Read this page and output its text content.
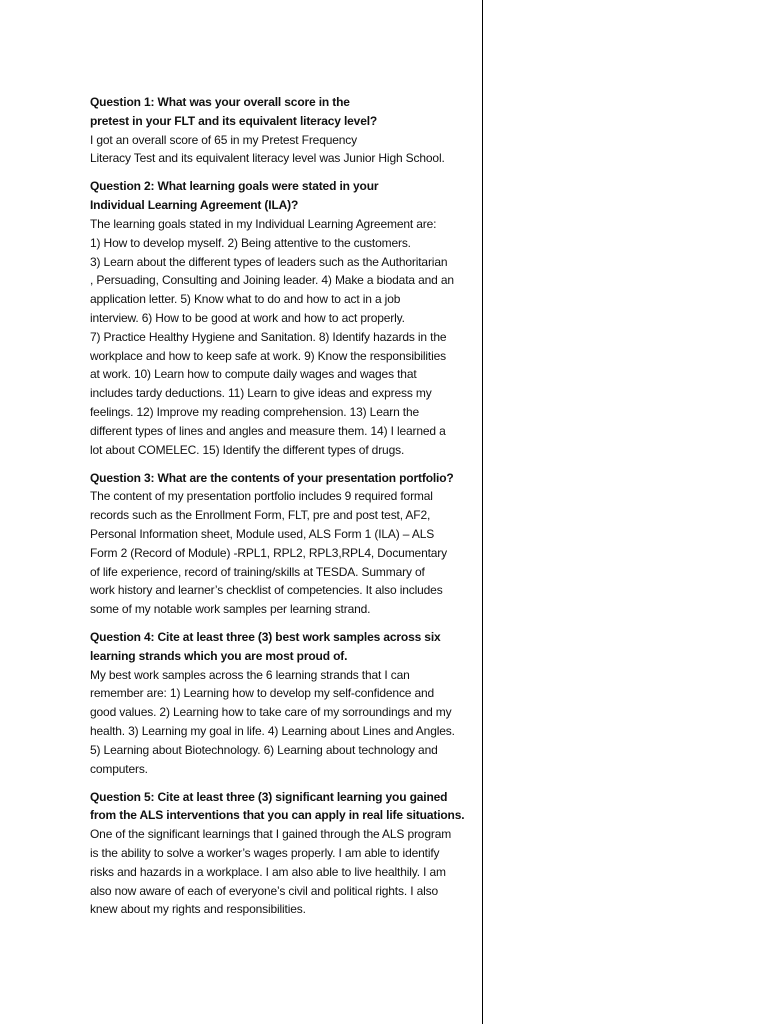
Question 1: What was your overall score in the
pretest in your FLT and its equivalent literacy level?
I got an overall score of 65 in my Pretest Frequency
Literacy Test and its equivalent literacy level was Junior High School.
Question 2: What learning goals were stated in your
Individual Learning Agreement (ILA)?
The learning goals stated in my Individual Learning Agreement are:
1) How to develop myself. 2) Being attentive to the customers.
3) Learn about the different types of leaders such as the Authoritarian
, Persuading, Consulting and Joining leader. 4) Make a biodata and an
application letter. 5) Know what to do and how to act in a job
interview. 6) How to be good at work and how to act properly.
7) Practice Healthy Hygiene and Sanitation. 8) Identify hazards in the
workplace and how to keep safe at work. 9) Know the responsibilities
at work. 10) Learn how to compute daily wages and wages that
includes tardy deductions. 11) Learn to give ideas and express my
feelings. 12) Improve my reading comprehension. 13) Learn the
different types of lines and angles and measure them. 14) I learned a
lot about COMELEC. 15) Identify the different types of drugs.
Question 3: What are the contents of your presentation portfolio?
The content of my presentation portfolio includes 9 required formal
records such as the Enrollment Form, FLT, pre and post test, AF2,
Personal Information sheet, Module used, ALS Form 1 (ILA) – ALS
Form 2 (Record of Module) -RPL1, RPL2, RPL3,RPL4, Documentary
of life experience, record of training/skills at TESDA. Summary of
work history and learner’s checklist of competencies. It also includes
some of my notable work samples per learning strand.
Question 4: Cite at least three (3) best work samples across six
learning strands which you are most proud of.
My best work samples across the 6 learning strands that I can
remember are: 1) Learning how to develop my self-confidence and
good values. 2) Learning how to take care of my sorroundings and my
health. 3) Learning my goal in life. 4) Learning about Lines and Angles.
5) Learning about Biotechnology. 6) Learning about technology and
computers.
Question 5: Cite at least three (3) significant learning you gained
from the ALS interventions that you can apply in real life situations.
One of the significant learnings that I gained through the ALS program
is the ability to solve a worker’s wages properly. I am able to identify
risks and hazards in a workplace. I am also able to live healthily. I am
also now aware of each of everyone’s civil and political rights. I also
knew about my rights and responsibilities.
